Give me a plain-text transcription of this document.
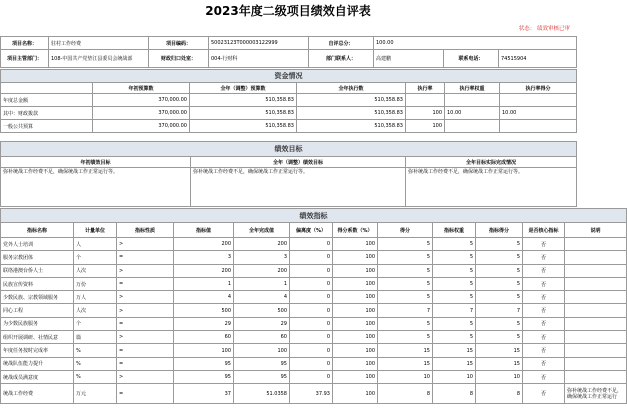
2023年度二级项目绩效自评表
状态： 绩效审核已审
项目名称：	驻村工作经费	项目编码：	50023123T000003122999	自评总分：	100.00		
项目主管部门：	108-中国共产党垫江县委员会统战部	财政归口处室：	004-行财科	部门联系人：	高建鹏	联系电话：	74515904
资金情况						
	年初预算数	全年（调整）预算数	全年执行数	执行率	执行率权重	执行率得分
年度总金额	370,000.00	510,358.83	510,358.83			
其中：财政拨款	370,000.00	510,358.83	510,358.83	100	10.00	10.00
一般公共预算	370,000.00	510,358.83	510,358.83	100		
绩效目标		
年初绩效目标	全年（调整）绩效目标	全年目标实际完成情况
弥补统战工作经费不足，确保统战工作正常运行等。	弥补统战工作经费不足，确保统战工作正常运行等。	弥补统战工作经费不足，确保统战工作正常运行等。
绩效指标											
指标名称	计量单位	指标性质	指标值	全年完成值	偏离度（%）	得分系数（%）	得分	指标权重	指标得分	是否核心指标	说明
党外人士培训	人	>	200	200	0	100	5	5	5	否	
服务宗教团体	个	=	3	3	0	100	5	5	5	否	
联络港澳台侨人士	人次	>	200	200	0	100	5	5	5	否	
民族宣传资料	万份	=	1	1	0	100	5	5	5	否	
少数民族、宗教领域服务	万人	>	4	4	0	100	5	5	5	否	
同心工程	人次	>	500	500	0	100	7	7	7	否	
为少数民族服务	个	=	29	29	0	100	5	5	5	否	
组织开展调研、社情民意	篇	>	60	60	0	100	5	5	5	否	
年度任务按时完成率	%	=	100	100	0	100	15	15	15	否	
统战队伍能力提升	%	=	95	95	0	100	15	15	15	否	
统战成员满意度	%	>	95	95	0	100	10	10	10	否	
统战工作经费	万元	=	37	51.0358	37.93	100	8	8	8	否	弥补统战工作经费不足，确保统战工作正常运行
